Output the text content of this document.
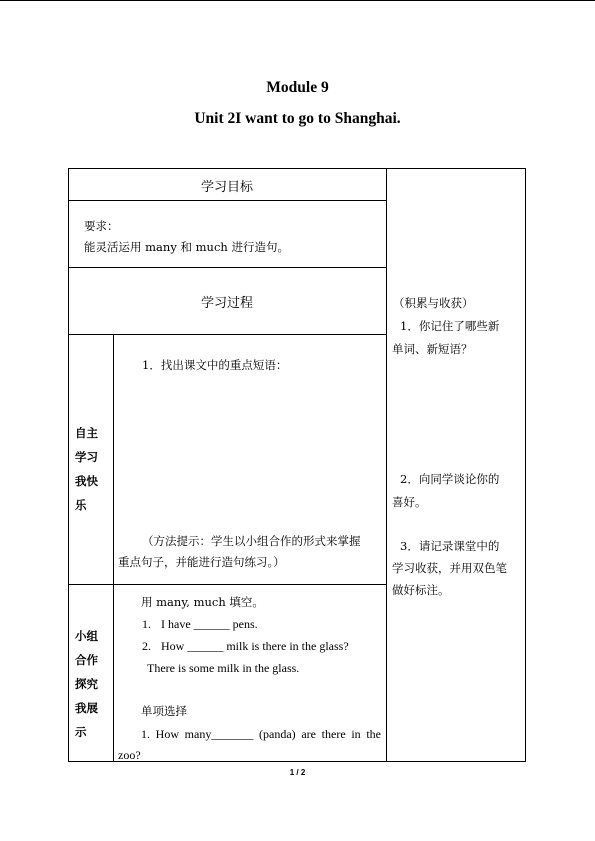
Module 9
Unit 2I want to go to Shanghai.
学习目标
学习过程
要求：
能灵活运用 many 和 much 进行造句。
自主
学习
我快
乐
1．找出课文中的重点短语：
（方法提示：学生以小组合作的形式来掌握
重点句子，并能进行造句练习。）
小组
合作
探究
我展
示
用 many, much 填空。
1. I have ______ pens.
2. How ______ milk is there in the glass?
There is some milk in the glass.
单项选择
1. How many_______ (panda) are there in the
zoo?
（积累与收获）
1．你记住了哪些新
单词、新短语？
2．向同学谈论你的
喜好。
3．请记录课堂中的
学习收获，并用双色笔
做好标注。
1 / 2
